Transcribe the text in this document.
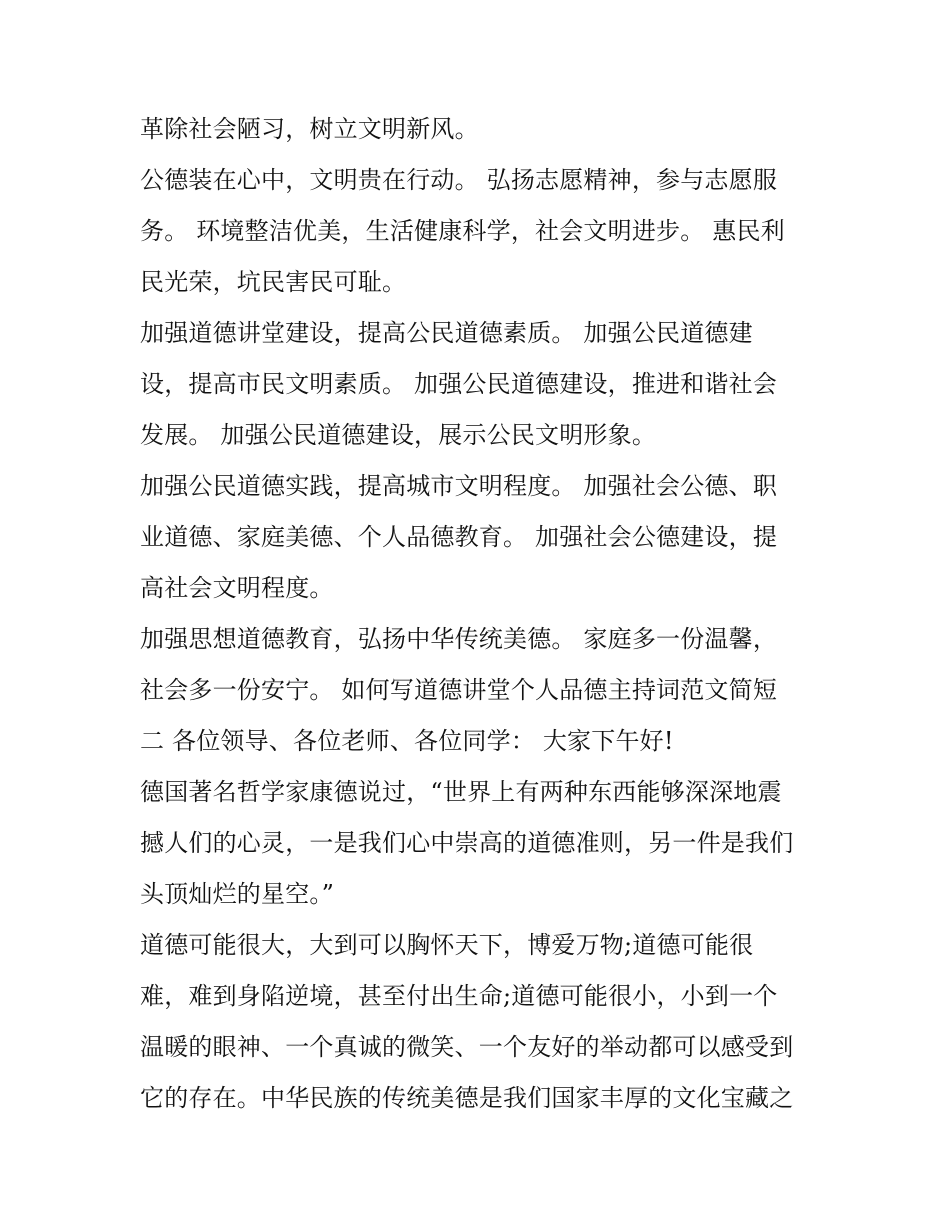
革除社会陋习，树立文明新风。
公德装在心中，文明贵在行动。 弘扬志愿精神，参与志愿服
务。 环境整洁优美，生活健康科学，社会文明进步。 惠民利
民光荣，坑民害民可耻。
加强道德讲堂建设，提高公民道德素质。 加强公民道德建
设，提高市民文明素质。 加强公民道德建设，推进和谐社会
发展。 加强公民道德建设，展示公民文明形象。
加强公民道德实践，提高城市文明程度。 加强社会公德、职
业道德、家庭美德、个人品德教育。 加强社会公德建设，提
高社会文明程度。
加强思想道德教育，弘扬中华传统美德。 家庭多一份温馨，
社会多一份安宁。 如何写道德讲堂个人品德主持词范文简短
二 各位领导、各位老师、各位同学： 大家下午好!
德国著名哲学家康德说过，“世界上有两种东西能够深深地震
撼人们的心灵，一是我们心中崇高的道德准则，另一件是我们
头顶灿烂的星空。”
道德可能很大，大到可以胸怀天下，博爱万物;道德可能很
难，难到身陷逆境，甚至付出生命;道德可能很小，小到一个
温暖的眼神、一个真诚的微笑、一个友好的举动都可以感受到
它的存在。中华民族的传统美德是我们国家丰厚的文化宝藏之
